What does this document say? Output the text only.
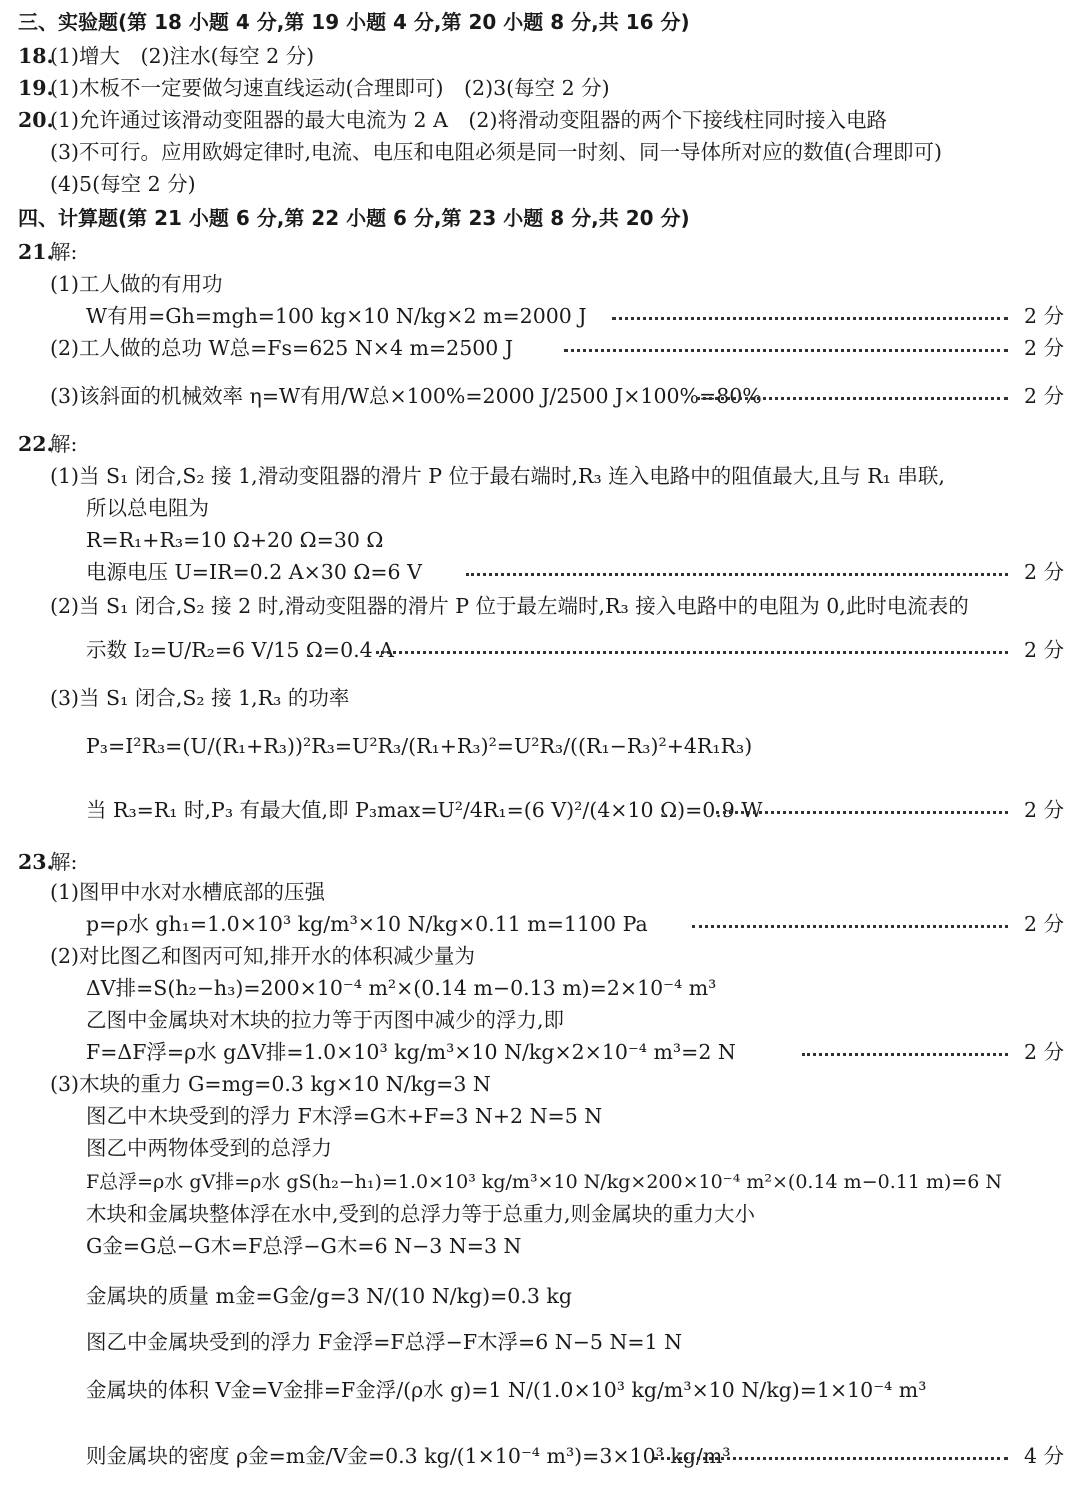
三、实验题(第 18 小题 4 分,第 19 小题 4 分,第 20 小题 8 分,共 16 分)
18.
(1)增大　(2)注水(每空 2 分)
19.
(1)木板不一定要做匀速直线运动(合理即可)　(2)3(每空 2 分)
20.
(1)允许通过该滑动变阻器的最大电流为 2 A　(2)将滑动变阻器的两个下接线柱同时接入电路
(3)不可行。应用欧姆定律时,电流、电压和电阻必须是同一时刻、同一导体所对应的数值(合理即可)
(4)5(每空 2 分)
四、计算题(第 21 小题 6 分,第 22 小题 6 分,第 23 小题 8 分,共 20 分)
21.
解:
(1)工人做的有用功
W有用=Gh=mgh=100 kg×10 N/kg×2 m=2000 J	2 分
(2)工人做的总功 W总=Fs=625 N×4 m=2500 J	2 分
(3)该斜面的机械效率 η=W有用/W总×100%=2000 J/2500 J×100%=80%	2 分
22.
解:
(1)当 S₁ 闭合,S₂ 接 1,滑动变阻器的滑片 P 位于最右端时,R₃ 连入电路中的阻值最大,且与 R₁ 串联,
所以总电阻为
R=R₁+R₃=10 Ω+20 Ω=30 Ω
电源电压 U=IR=0.2 A×30 Ω=6 V	2 分
(2)当 S₁ 闭合,S₂ 接 2 时,滑动变阻器的滑片 P 位于最左端时,R₃ 接入电路中的电阻为 0,此时电流表的
示数 I₂=U/R₂=6 V/15 Ω=0.4 A	2 分
(3)当 S₁ 闭合,S₂ 接 1,R₃ 的功率
P₃=I²R₃=(U/(R₁+R₃))²R₃=U²R₃/(R₁+R₃)²=U²R₃/((R₁−R₃)²+4R₁R₃)
当 R₃=R₁ 时,P₃ 有最大值,即 P₃max=U²/4R₁=(6 V)²/(4×10 Ω)=0.9 W	2 分
23.
解:
(1)图甲中水对水槽底部的压强
p=ρ水 gh₁=1.0×10³ kg/m³×10 N/kg×0.11 m=1100 Pa	2 分
(2)对比图乙和图丙可知,排开水的体积减少量为
ΔV排=S(h₂−h₃)=200×10⁻⁴ m²×(0.14 m−0.13 m)=2×10⁻⁴ m³
乙图中金属块对木块的拉力等于丙图中减少的浮力,即
F=ΔF浮=ρ水 gΔV排=1.0×10³ kg/m³×10 N/kg×2×10⁻⁴ m³=2 N	2 分
(3)木块的重力 G=mg=0.3 kg×10 N/kg=3 N
图乙中木块受到的浮力 F木浮=G木+F=3 N+2 N=5 N
图乙中两物体受到的总浮力
F总浮=ρ水 gV排=ρ水 gS(h₂−h₁)=1.0×10³ kg/m³×10 N/kg×200×10⁻⁴ m²×(0.14 m−0.11 m)=6 N
木块和金属块整体浮在水中,受到的总浮力等于总重力,则金属块的重力大小
G金=G总−G木=F总浮−G木=6 N−3 N=3 N
金属块的质量 m金=G金/g=3 N/(10 N/kg)=0.3 kg
图乙中金属块受到的浮力 F金浮=F总浮−F木浮=6 N−5 N=1 N
金属块的体积 V金=V金排=F金浮/(ρ水 g)=1 N/(1.0×10³ kg/m³×10 N/kg)=1×10⁻⁴ m³
则金属块的密度 ρ金=m金/V金=0.3 kg/(1×10⁻⁴ m³)=3×10³ kg/m³	4 分
